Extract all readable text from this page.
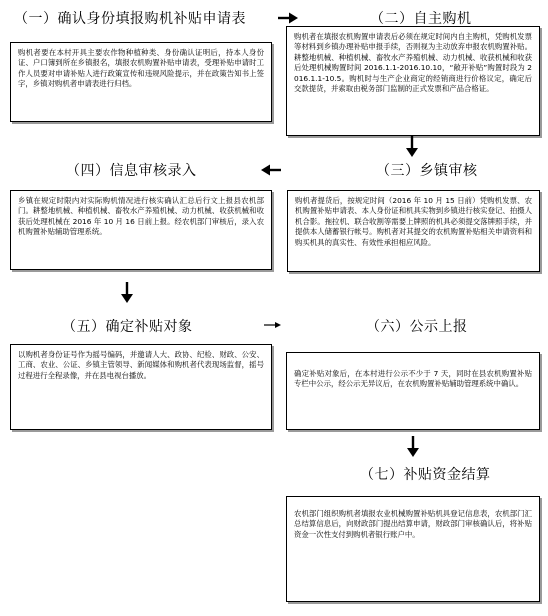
（一）确认身份填报购机补贴申请表	（二）自主购机
（三）乡镇审核
（四）信息审核录入
（五）确定补贴对象	（六）公示上报
（七）补贴资金结算
购机者要在本村开具主要农作物种植种类、身份确认证明后，持本人身份证、户口簿到所在乡镇报名，填报农机购置补贴申请表，受理补贴申请时工作人员要对申请补贴人进行政策宣传和违规风险提示，并在政策告知书上签字，乡镇对购机者申请表进行归档。
购机者在填报农机购置申请表后必须在规定时间内自主购机，凭购机发票等材料到乡镇办理补贴申报手续，否则视为主动放弃申报农机购置补贴。耕整地机械、种植机械、畜牧水产养殖机械、动力机械、收获机械和收获后处理机械购置时间 2016.1.1-2016.10.10，“敞开补贴”购置时段为 2016.1.1-10.5。购机时与生产企业商定的经销商进行价格议定，确定后交款提货，并索取由税务部门监制的正式发票和产品合格证。
购机者提货后，按规定时间（2016 年 10 月 15 日前）凭购机发票、农机购置补贴申请表、本人身份证和机具实物到乡镇进行核实登记、拍摄人机合影。拖拉机、联合收割等需要上牌照的机具必须提交落牌照手续，并提供本人储蓄银行帐号。购机者对其提交的农机购置补贴相关申请资料和购买机具的真实性、有效性承担相应风险。
乡镇在规定时限内对实际购机情况进行核实确认汇总后行文上报县农机部门。耕整地机械、种植机械、畜牧水产养殖机械、动力机械、收获机械和收获后处理机械在 2016 年 10 月 16 日前上报。经农机部门审核后，录入农机购置补贴辅助管理系统。
以购机者身份证号作为摇号编码，并邀请人大、政协、纪检、财政、公安、工商、农业、公证、乡镇主管领导、新闻媒体和购机者代表现场监督，摇号过程进行全程录像，并在县电视台播放。	确定补贴对象后，在本村进行公示不少于 7 天，同时在县农机购置补贴专栏中公示，经公示无异议后，在农机购置补贴辅助管理系统中确认。
农机部门组织购机者填报农业机械购置补贴机具登记信息表，农机部门汇总结算信息后，向财政部门提出结算申请，财政部门审核确认后，将补贴资金一次性支付到购机者银行账户中。
